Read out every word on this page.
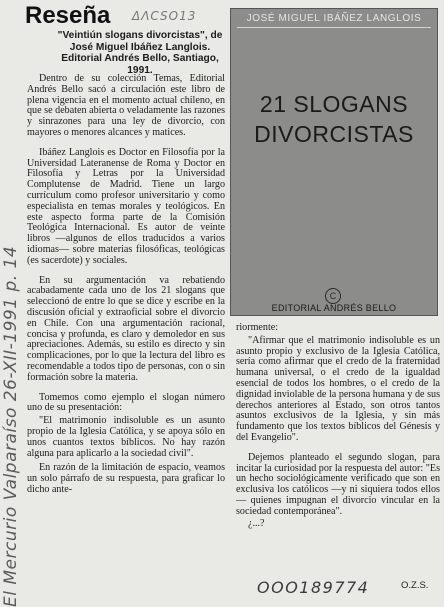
El Mercurio Valparaíso 26-XII-1991 p. 14
Reseña ΔΛCSO13
"Veintiún slogans divorcistas", de José Miguel Ibáñez Langlois. Editorial Andrés Bello, Santiago, 1991.

Dentro de su colección Temas, Editorial Andrés Bello sacó a circulación este libro de plena vigencia en el momento actual chileno, en que se debaten abierta o veladamente las razones y sinrazones para una ley de divorcio, con mayores o menores alcances y matices.

Ibáñez Langlois es Doctor en Filosofía por la Universidad Lateranense de Roma y Doctor en Filosofía y Letras por la Universidad Complutense de Madrid. Tiene un largo currículum como profesor universitario y como especialista en temas morales y teológicos. En este aspecto forma parte de la Comisión Teológica Internacional. Es autor de veinte libros —algunos de ellos traducidos a varios idiomas— sobre materias filosóficas, teológicas (es sacerdote) y sociales.

En su argumentación va rebatiendo acabadamente cada uno de los 21 slogans que seleccionó de entre lo que se dice y escribe en la discusión oficial y extraoficial sobre el divorcio en Chile. Con una argumentación racional, concisa y profunda, es claro y demoledor en sus apreciaciones. Además, su estilo es directo y sin complicaciones, por lo que la lectura del libro es recomendable a todos tipo de personas, con o sin formación sobre la materia.

Tomemos como ejemplo el slogan número uno de su presentación:

"El matrimonio indisoluble es un asunto propio de la Iglesia Católica, y se apoya sólo en unos cuantos textos bíblicos. No hay razón alguna para aplicarlo a la sociedad civil".

En razón de la limitación de espacio, veamos un solo párrafo de su respuesta, para graficar lo dicho ante-

JOSÉ MIGUEL IBÁÑEZ LANGLOIS
21 SLOGANS
DIVORCISTAS
C
EDITORIAL ANDRÉS BELLO

riormente:

"Afirmar que el matrimonio indisoluble es un asunto propio y exclusivo de la Iglesia Católica, sería como afirmar que el credo de la fraternidad humana universal, o el credo de la igualdad esencial de todos los hombres, o el credo de la dignidad inviolable de la persona humana y de sus derechos anteriores al Estado, son otros tantos asuntos exclusivos de la Iglesia, y sin más fundamento que los textos bíblicos del Génesis y del Evangelio".

Dejemos planteado el segundo slogan, para incitar la curiosidad por la respuesta del autor: "Es un hecho sociológicamente verificado que son en exclusiva los católicos —y ni siquiera todos ellos— quienes impugnan el divorcio vincular en la sociedad contemporánea".

¿...?

OOO189774	O.Z.S.
